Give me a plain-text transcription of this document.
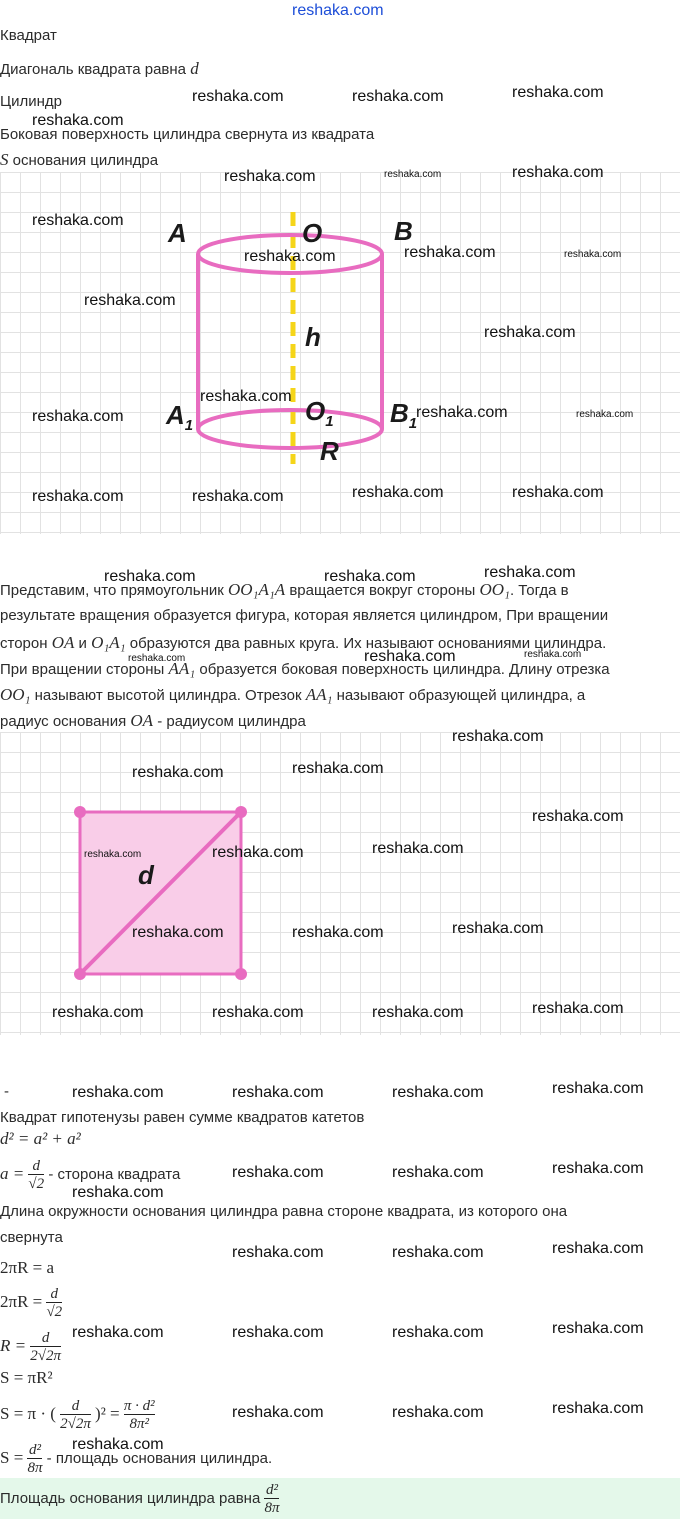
reshaka.com
Квадрат
Диагональ квадрата равна d
Цилиндр
Боковая поверхность цилиндра свернута из квадрата
S основания цилиндра
A	O	B
h
$A_1$	$O_1$ $B_1$
R
reshaka.com	reshaka.com	reshaka.com
reshaka.com
reshaka.com	reshaka.com	reshaka.com
reshaka.com
reshaka.com
reshaka.com
reshaka.com	reshaka.com	reshaka.com
reshaka.com	reshaka.com	reshaka.com	reshaka.com
Представим, что прямоугольник OO₁A₁A вращается вокруг стороны OO₁. Тогда в
результате вращения образуется фигура, которая является цилиндром, При вращении
сторон OA и O₁A₁ образуются два равных круга. Их называют основаниями цилиндра.
При вращении стороны AA₁ образуется боковая поверхность цилиндра. Длину отрезка
OO₁ называют высотой цилиндра. Отрезок AA₁ называют образующей цилиндра, а
радиус основания OA - радиусом цилиндра
reshaka.com	reshaka.com	reshaka.com
reshaka.com	reshaka.com	reshaka.com
d
reshaka.com
reshaka.com	reshaka.com
reshaka.com
reshaka.com	reshaka.com	reshaka.com
reshaka.com	reshaka.com	reshaka.com
reshaka.com	reshaka.com	reshaka.com	reshaka.com
-
Квадрат гипотенузы равен сумме квадратов катетов
d² = a² + a²
$a = \frac{d}{√2}$ - сторона квадрата
Длина окружности основания цилиндра равна стороне квадрата, из которого она
свернута
2πR = a
$2\pi R = \frac{d}{√2}$
$R = \frac{d}{2√2\pi}$
S = πR²
S = π · ( $\frac{d}{2√2\pi} )^2 = \frac{\text{π · d²}}{\text{8π²}}$
$S = \frac{\text{d²}}{8\pi}$ - площадь основания цилиндра.
reshaka.com	reshaka.com	reshaka.com	reshaka.com
reshaka.com	reshaka.com	reshaka.com
reshaka.com
reshaka.com	reshaka.com	reshaka.com
reshaka.com	reshaka.com	reshaka.com	reshaka.com
reshaka.com	reshaka.com	reshaka.com
reshaka.com
reshaka.com	reshaka.com	reshaka.com
reshaka.com
Площадь основания цилиндра равна $\frac{\text{d²}}{8\pi}$
